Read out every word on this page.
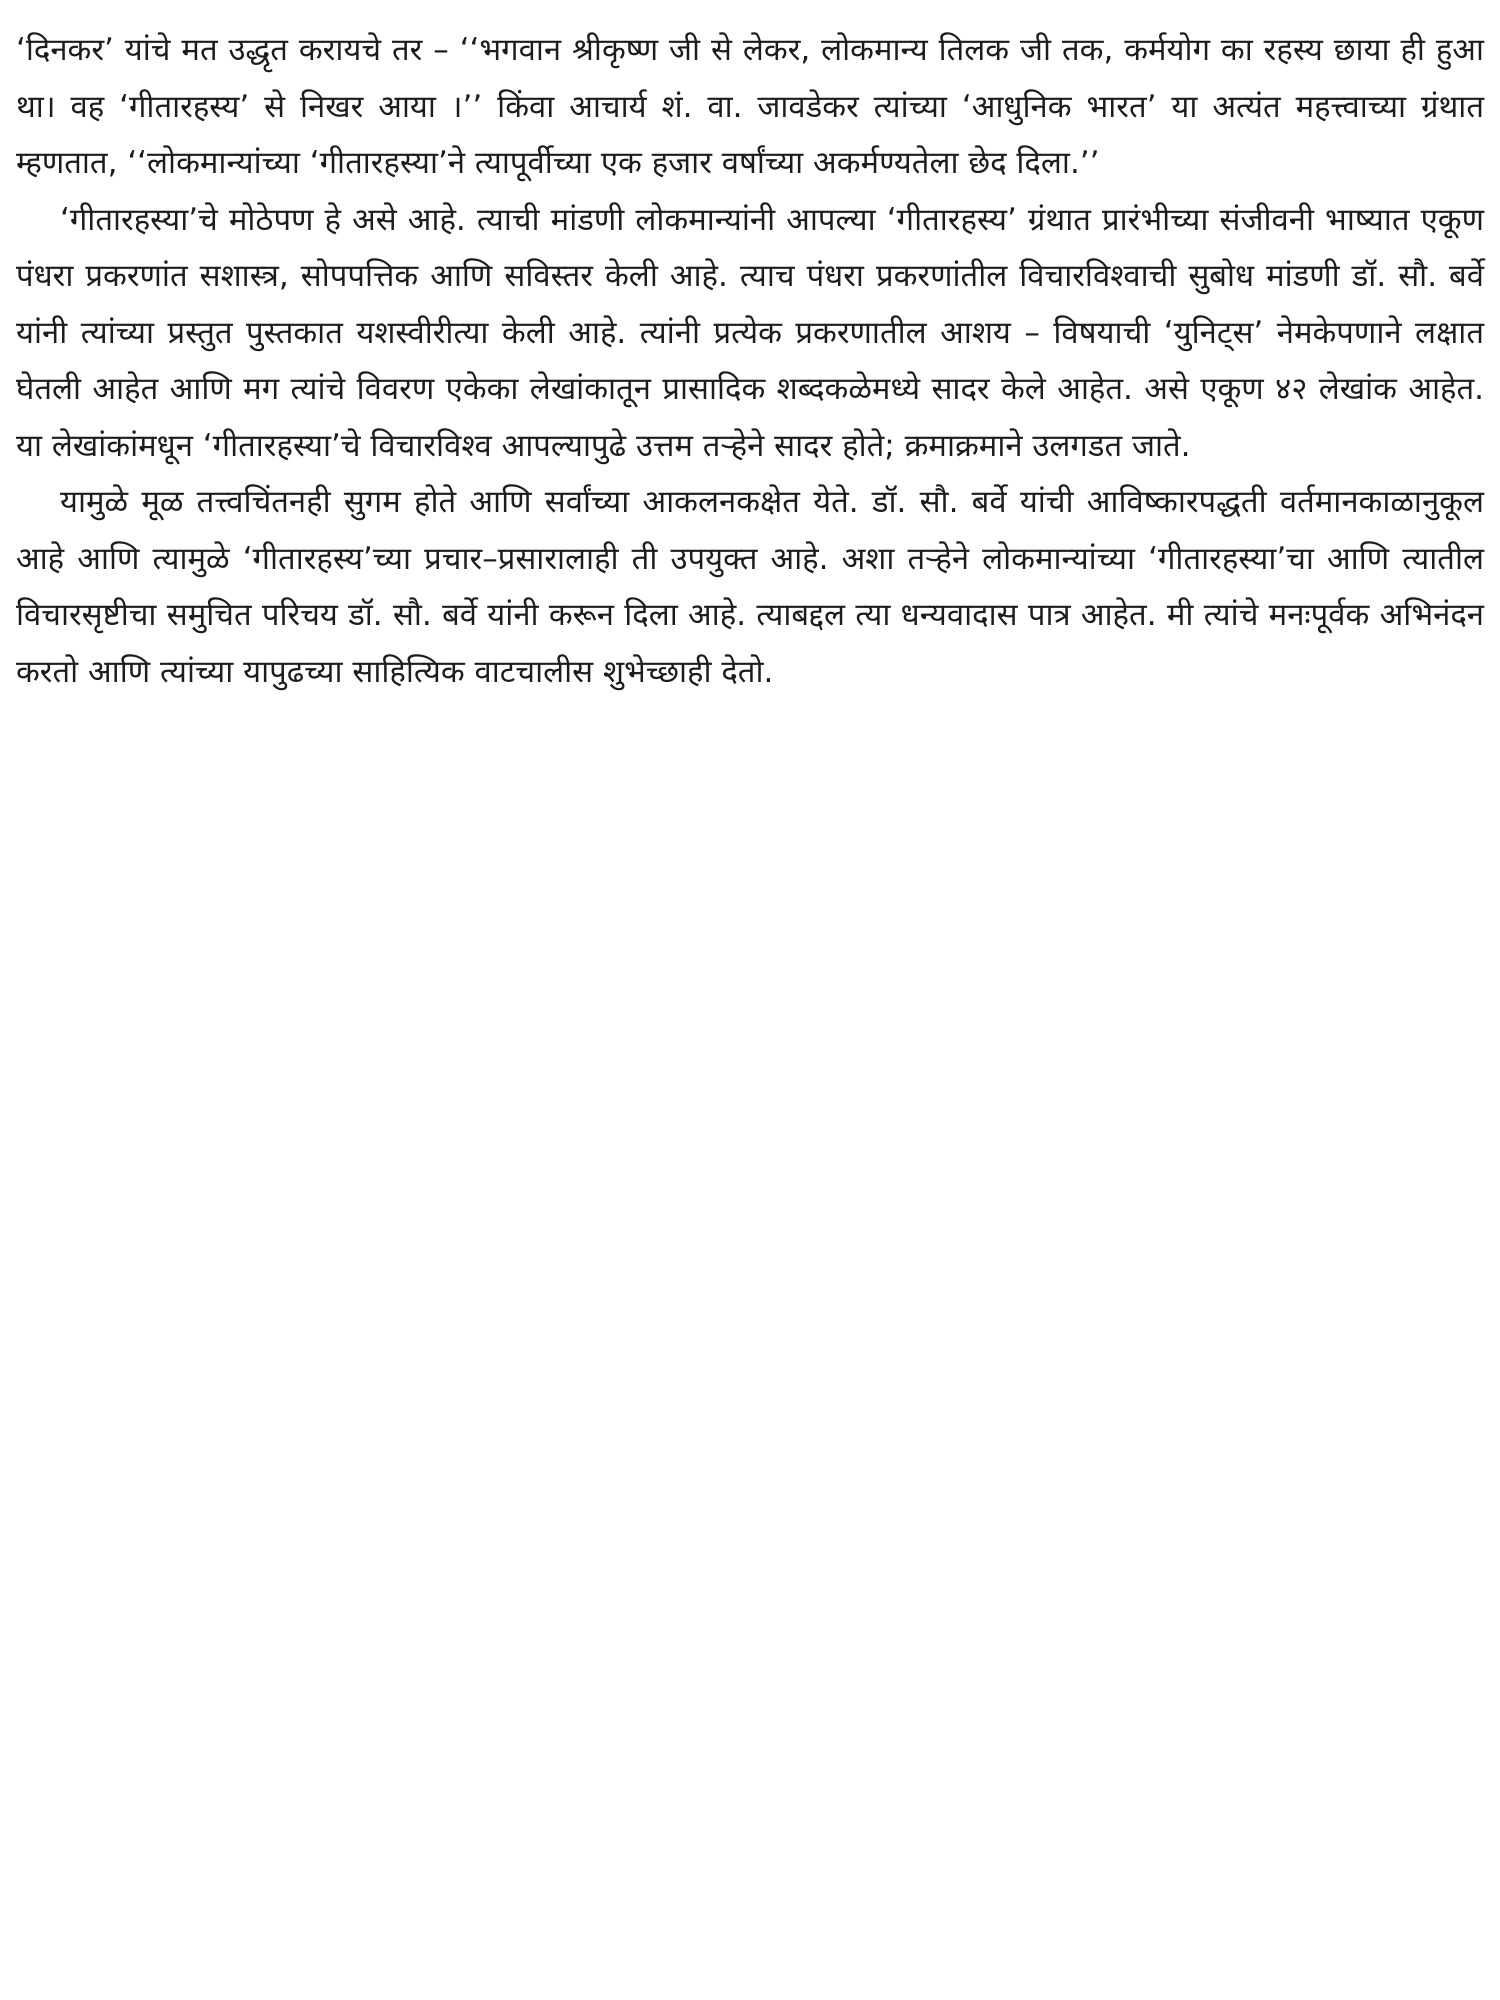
‘दिनकर’ यांचे मत उद्धृत करायचे तर – ‘‘भगवान श्रीकृष्ण जी से लेकर, लोकमान्य तिलक जी तक, कर्मयोग का रहस्य छाया ही हुआ था। वह ‘गीतारहस्य’ से निखर आया ।’’ किंवा आचार्य शं. वा. जावडेकर त्यांच्या ‘आधुनिक भारत’ या अत्यंत महत्त्वाच्या ग्रंथात म्हणतात, ‘‘लोकमान्यांच्या ‘गीतारहस्या’ने त्यापूर्वीच्या एक हजार वर्षांच्या अकर्मण्यतेला छेद दिला.’’

‘गीतारहस्या’चे मोठेपण हे असे आहे. त्याची मांडणी लोकमान्यांनी आपल्या ‘गीतारहस्य’ ग्रंथात प्रारंभीच्या संजीवनी भाष्यात एकूण पंधरा प्रकरणांत सशास्त्र, सोपपत्तिक आणि सविस्तर केली आहे. त्याच पंधरा प्रकरणांतील विचारविश्वाची सुबोध मांडणी डॉ. सौ. बर्वे यांनी त्यांच्या प्रस्तुत पुस्तकात यशस्वीरीत्या केली आहे. त्यांनी प्रत्येक प्रकरणातील आशय – विषयाची ‘युनिट्स’ नेमकेपणाने लक्षात घेतली आहेत आणि मग त्यांचे विवरण एकेका लेखांकातून प्रासादिक शब्दकळेमध्ये सादर केले आहेत. असे एकूण ४२ लेखांक आहेत. या लेखांकांमधून ‘गीतारहस्या’चे विचारविश्व आपल्यापुढे उत्तम तऱ्हेने सादर होते; क्रमाक्रमाने उलगडत जाते.

यामुळे मूळ तत्त्वचिंतनही सुगम होते आणि सर्वांच्या आकलनकक्षेत येते. डॉ. सौ. बर्वे यांची आविष्कारपद्धती वर्तमानकाळानुकूल आहे आणि त्यामुळे ‘गीतारहस्य’च्या प्रचार–प्रसारालाही ती उपयुक्त आहे. अशा तऱ्हेने लोकमान्यांच्या ‘गीतारहस्या’चा आणि त्यातील विचारसृष्टीचा समुचित परिचय डॉ. सौ. बर्वे यांनी करून दिला आहे. त्याबद्दल त्या धन्यवादास पात्र आहेत. मी त्यांचे मनःपूर्वक अभिनंदन करतो आणि त्यांच्या यापुढच्या साहित्यिक वाटचालीस शुभेच्छाही देतो.
